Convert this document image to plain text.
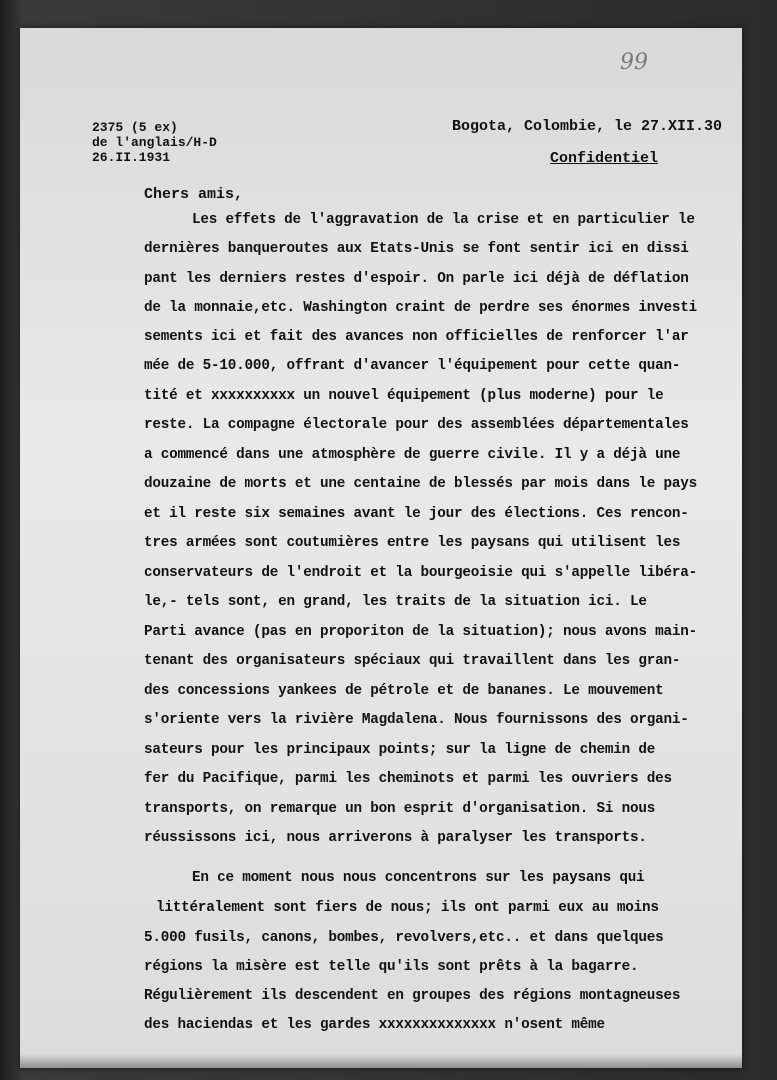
99
2375 (5 ex)
de l'anglais/H-D
26.II.1931
Bogota, Colombie, le 27.XII.30
Confidentiel
Chers amis,
Les effets de l'aggravation de la crise et en particulier le
dernières banqueroutes aux Etats-Unis se font sentir ici en dissi
pant les derniers restes d'espoir. On parle ici déjà de déflation
de la monnaie,etc. Washington craint de perdre ses énormes investi
sements ici et fait des avances non officielles de renforcer l'ar
mée de 5-10.000, offrant d'avancer l'équipement pour cette quan-
tité et xxxxxxxxxx un nouvel équipement (plus moderne) pour le
reste. La compagne électorale pour des assemblées départementales
a commencé dans une atmosphère de guerre civile. Il y a déjà une
douzaine de morts et une centaine de blessés par mois dans le pays
et il reste six semaines avant le jour des élections. Ces rencon-
tres armées sont coutumières entre les paysans qui utilisent les
conservateurs de l'endroit et la bourgeoisie qui s'appelle libéra-
le,- tels sont, en grand, les traits de la situation ici. Le
Parti avance (pas en proporiton de la situation); nous avons main-
tenant des organisateurs spéciaux qui travaillent dans les gran-
des concessions yankees de pétrole et de bananes. Le mouvement
s'oriente vers la rivière Magdalena. Nous fournissons des organi-
sateurs pour les principaux points; sur la ligne de chemin de
fer du Pacifique, parmi les cheminots et parmi les ouvriers des
transports, on remarque un bon esprit d'organisation. Si nous
réussissons ici, nous arriverons à paralyser les transports.
En ce moment nous nous concentrons sur les paysans qui
littéralement sont fiers de nous; ils ont parmi eux au moins
5.000 fusils, canons, bombes, revolvers,etc.. et dans quelques
régions la misère est telle qu'ils sont prêts à la bagarre.
Régulièrement ils descendent en groupes des régions montagneuses
des haciendas et les gardes xxxxxxxxxxxxxx n'osent même
